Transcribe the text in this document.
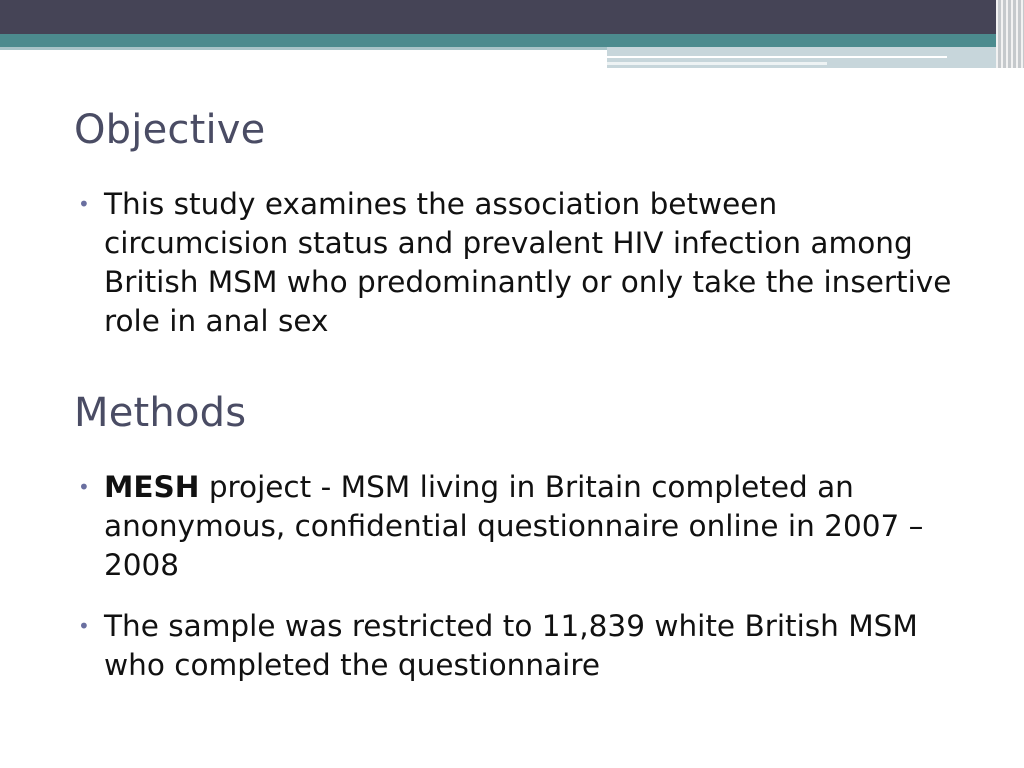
Objective
• This study examines the association between circumcision status and prevalent HIV infection among British MSM who predominantly or only take the insertive role in anal sex
Methods
• MESH project - MSM living in Britain completed an anonymous, confidential questionnaire online in 2007 – 2008
• The sample was restricted to 11,839 white British MSM who completed the questionnaire
